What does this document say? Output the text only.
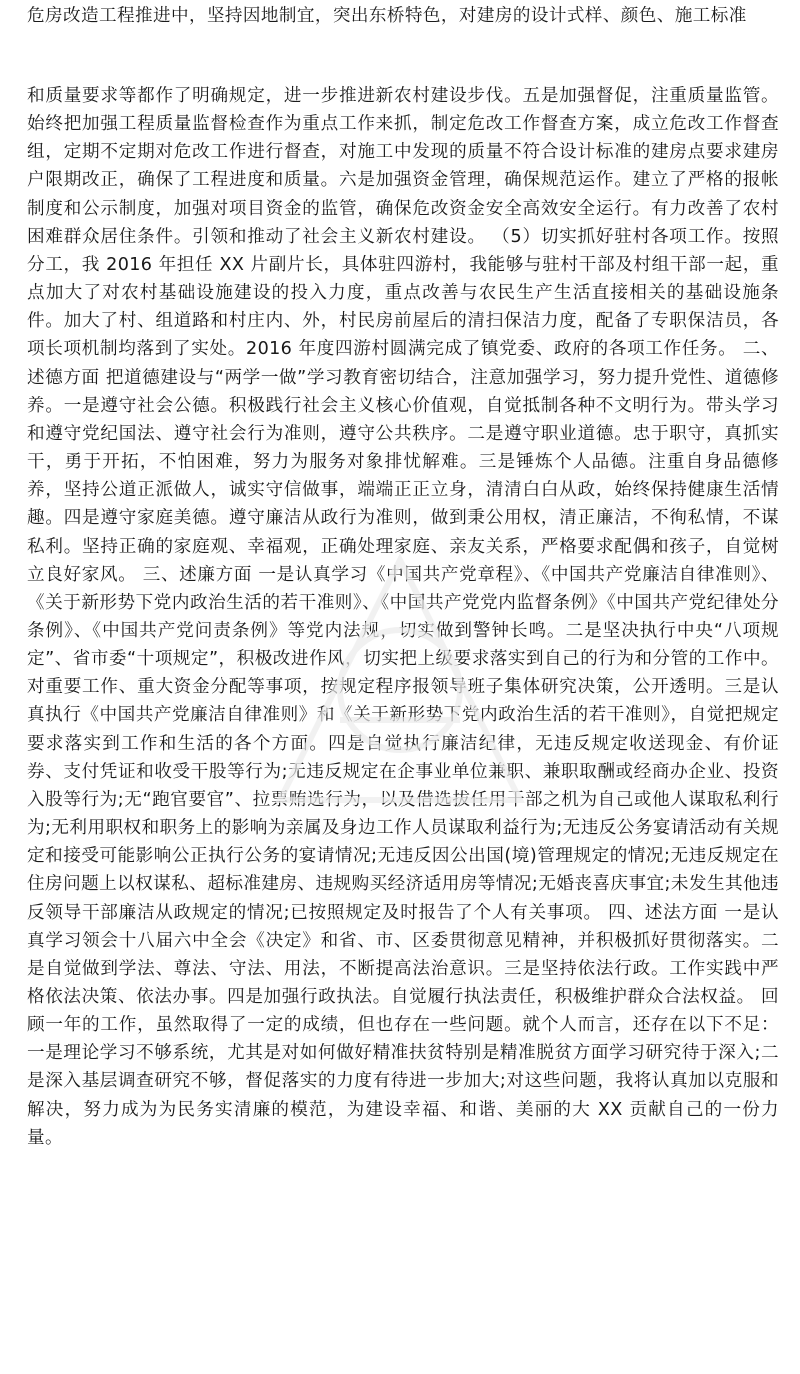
危房改造工程推进中，坚持因地制宜，突出东桥特色，对建房的设计式样、颜色、施工标准

和质量要求等都作了明确规定，进一步推进新农村建设步伐。五是加强督促，注重质量监管。始终把加强工程质量监督检查作为重点工作来抓，制定危改工作督查方案，成立危改工作督查组，定期不定期对危改工作进行督查，对施工中发现的质量不符合设计标准的建房点要求建房户限期改正，确保了工程进度和质量。六是加强资金管理，确保规范运作。建立了严格的报帐制度和公示制度，加强对项目资金的监管，确保危改资金安全高效安全运行。有力改善了农村困难群众居住条件。引领和推动了社会主义新农村建设。 （5）切实抓好驻村各项工作。按照分工，我 2016 年担任 XX 片副片长，具体驻四游村，我能够与驻村干部及村组干部一起，重点加大了对农村基础设施建设的投入力度，重点改善与农民生产生活直接相关的基础设施条件。加大了村、组道路和村庄内、外，村民房前屋后的清扫保洁力度，配备了专职保洁员，各项长项机制均落到了实处。2016 年度四游村圆满完成了镇党委、政府的各项工作任务。 二、述德方面 把道德建设与“两学一做”学习教育密切结合，注意加强学习，努力提升党性、道德修养。一是遵守社会公德。积极践行社会主义核心价值观，自觉抵制各种不文明行为。带头学习和遵守党纪国法、遵守社会行为准则，遵守公共秩序。二是遵守职业道德。忠于职守，真抓实干，勇于开拓，不怕困难，努力为服务对象排忧解难。三是锤炼个人品德。注重自身品德修养，坚持公道正派做人，诚实守信做事，端端正正立身，清清白白从政，始终保持健康生活情趣。四是遵守家庭美德。遵守廉洁从政行为准则，做到秉公用权，清正廉洁，不徇私情，不谋私利。坚持正确的家庭观、幸福观，正确处理家庭、亲友关系，严格要求配偶和孩子，自觉树立良好家风。 三、述廉方面 一是认真学习《中国共产党章程》、《中国共产党廉洁自律准则》、《关于新形势下党内政治生活的若干准则》、《中国共产党党内监督条例》《中国共产党纪律处分条例》、《中国共产党问责条例》等党内法规，切实做到警钟长鸣。二是坚决执行中央“八项规定”、省市委“十项规定”，积极改进作风，切实把上级要求落实到自己的行为和分管的工作中。对重要工作、重大资金分配等事项，按规定程序报领导班子集体研究决策，公开透明。三是认真执行《中国共产党廉洁自律准则》和《关于新形势下党内政治生活的若干准则》，自觉把规定要求落实到工作和生活的各个方面。四是自觉执行廉洁纪律，无违反规定收送现金、有价证券、支付凭证和收受干股等行为;无违反规定在企事业单位兼职、兼职取酬或经商办企业、投资入股等行为;无“跑官要官”、拉票贿选行为，以及借选拔任用干部之机为自己或他人谋取私利行为;无利用职权和职务上的影响为亲属及身边工作人员谋取利益行为;无违反公务宴请活动有关规定和接受可能影响公正执行公务的宴请情况;无违反因公出国(境)管理规定的情况;无违反规定在住房问题上以权谋私、超标准建房、违规购买经济适用房等情况;无婚丧喜庆事宜;未发生其他违反领导干部廉洁从政规定的情况;已按照规定及时报告了个人有关事项。 四、述法方面 一是认真学习领会十八届六中全会《决定》和省、市、区委贯彻意见精神，并积极抓好贯彻落实。二是自觉做到学法、尊法、守法、用法，不断提高法治意识。三是坚持依法行政。工作实践中严格依法决策、依法办事。四是加强行政执法。自觉履行执法责任，积极维护群众合法权益。 回顾一年的工作，虽然取得了一定的成绩，但也存在一些问题。就个人而言，还存在以下不足：一是理论学习不够系统，尤其是对如何做好精准扶贫特别是精准脱贫方面学习研究待于深入;二是深入基层调查研究不够，督促落实的力度有待进一步加大;对这些问题，我将认真加以克服和解决，努力成为为民务实清廉的模范，为建设幸福、和谐、美丽的大 XX 贡献自己的一份力量。
